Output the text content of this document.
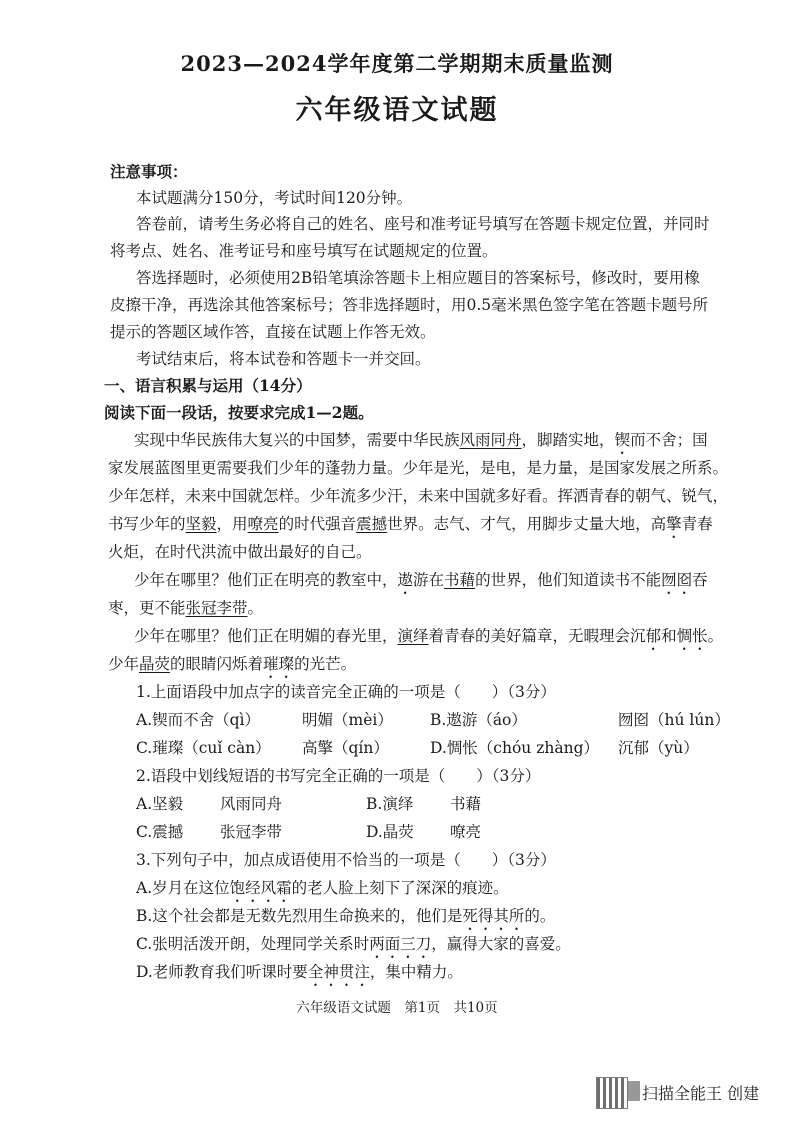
2023—2024学年度第二学期期末质量监测
六年级语文试题
注意事项：
本试题满分150分，考试时间120分钟。
答卷前，请考生务必将自己的姓名、座号和准考证号填写在答题卡规定位置，并同时
将考点、姓名、准考证号和座号填写在试题规定的位置。
答选择题时，必须使用2B铅笔填涂答题卡上相应题目的答案标号，修改时，要用橡
皮擦干净，再选涂其他答案标号；答非选择题时，用0.5毫米黑色签字笔在答题卡题号所
提示的答题区域作答，直接在试题上作答无效。
考试结束后，将本试卷和答题卡一并交回。
一、语言积累与运用（14分）
阅读下面一段话，按要求完成1—2题。
实现中华民族伟大复兴的中国梦，需要中华民族风雨同舟，脚踏实地，锲而不舍；国
家发展蓝图里更需要我们少年的蓬勃力量。少年是光，是电，是力量，是国家发展之所系。
少年怎样，未来中国就怎样。少年流多少汗，未来中国就多好看。挥洒青春的朝气、锐气，
书写少年的坚毅，用嘹亮的时代强音震撼世界。志气、才气，用脚步丈量大地，高擎青春
火炬，在时代洪流中做出最好的自己。
少年在哪里？他们正在明亮的教室中，遨游在书藉的世界，他们知道读书不能囫囵吞
枣，更不能张冠李带。
少年在哪里？他们正在明媚的春光里，演绎着青春的美好篇章，无暇理会沉郁和惆怅。
少年晶荧的眼睛闪烁着璀璨的光芒。
1.上面语段中加点字的读音完全正确的一项是（　　）（3分）
A.锲而不舍（qì）	明媚（mèi） B.遨游（áo）	囫囵（hú lún）
C.璀璨（cuǐ càn） 高擎（qín）	D.惆怅（chóu zhàng） 沉郁（yù）
2.语段中划线短语的书写完全正确的一项是（　　）（3分）
A.坚毅 风雨同舟	B.演绎 书藉
C.震撼 张冠李带	D.晶荧 嘹亮
3.下列句子中，加点成语使用不恰当的一项是（　　）（3分）
A.岁月在这位饱经风霜的老人脸上刻下了深深的痕迹。
B.这个社会都是无数先烈用生命换来的，他们是死得其所的。
C.张明活泼开朗，处理同学关系时两面三刀，赢得大家的喜爱。
D.老师教育我们听课时要全神贯注，集中精力。
六年级语文试题　第1页　共10页
扫描全能王 创建
